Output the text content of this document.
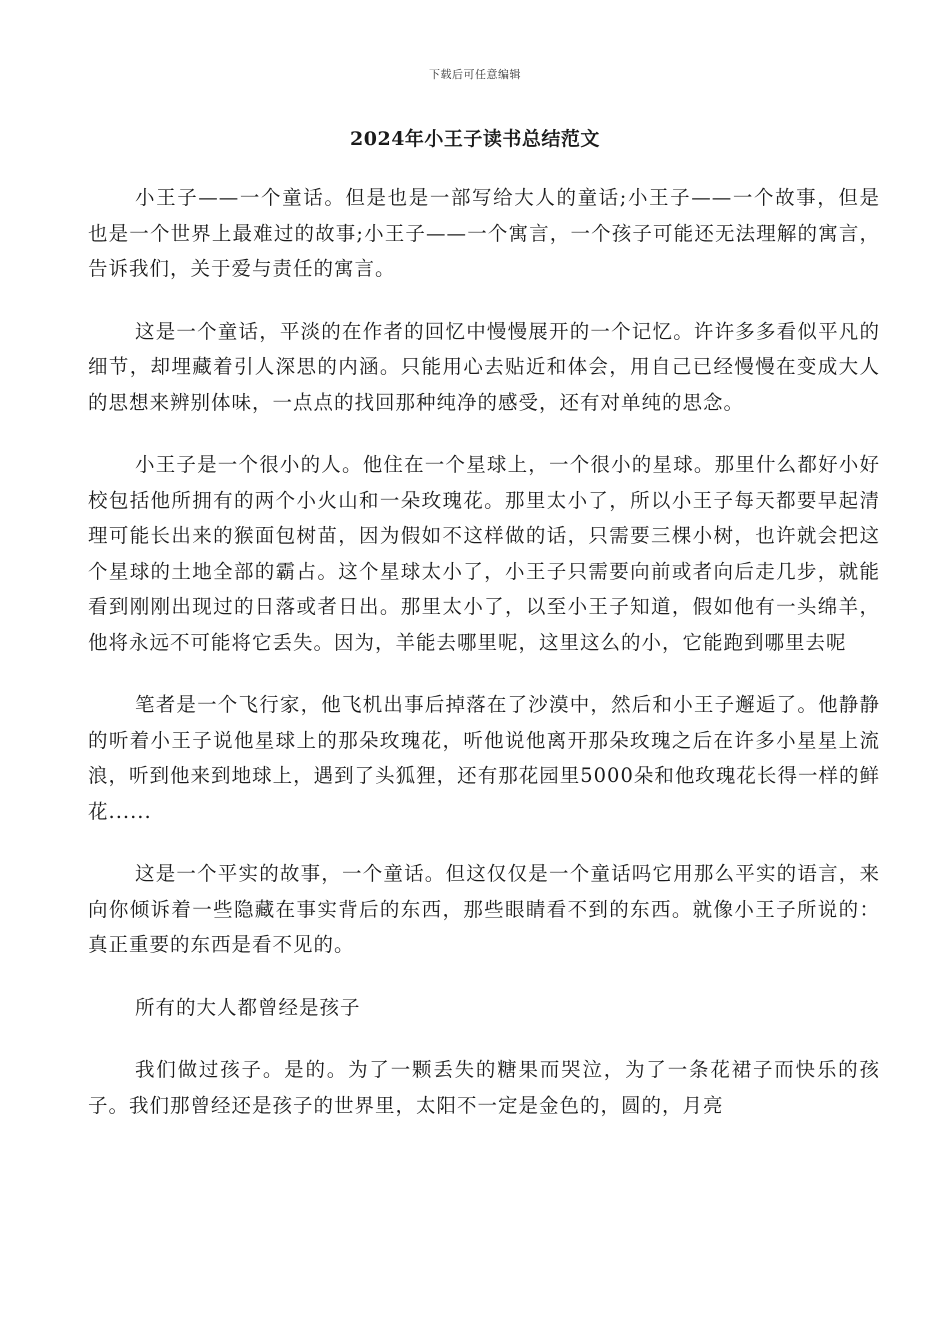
下载后可任意编辑
2024年小王子读书总结范文

小王子——一个童话。但是也是一部写给大人的童话;小王子——一个故事，但是也是一个世界上最难过的故事;小王子——一个寓言，一个孩子可能还无法理解的寓言，告诉我们，关于爱与责任的寓言。

这是一个童话，平淡的在作者的回忆中慢慢展开的一个记忆。许许多多看似平凡的细节，却埋藏着引人深思的内涵。只能用心去贴近和体会，用自己已经慢慢在变成大人的思想来辨别体味，一点点的找回那种纯净的感受，还有对单纯的思念。

小王子是一个很小的人。他住在一个星球上，一个很小的星球。那里什么都好小好校包括他所拥有的两个小火山和一朵玫瑰花。那里太小了，所以小王子每天都要早起清理可能长出来的猴面包树苗，因为假如不这样做的话，只需要三棵小树，也许就会把这个星球的土地全部的霸占。这个星球太小了，小王子只需要向前或者向后走几步，就能看到刚刚出现过的日落或者日出。那里太小了，以至小王子知道，假如他有一头绵羊，他将永远不可能将它丢失。因为，羊能去哪里呢，这里这么的小，它能跑到哪里去呢

笔者是一个飞行家，他飞机出事后掉落在了沙漠中，然后和小王子邂逅了。他静静的听着小王子说他星球上的那朵玫瑰花，听他说他离开那朵玫瑰之后在许多小星星上流浪，听到他来到地球上，遇到了头狐狸，还有那花园里5000朵和他玫瑰花长得一样的鲜花......

这是一个平实的故事，一个童话。但这仅仅是一个童话吗它用那么平实的语言，来向你倾诉着一些隐藏在事实背后的东西，那些眼睛看不到的东西。就像小王子所说的：真正重要的东西是看不见的。

所有的大人都曾经是孩子

我们做过孩子。是的。为了一颗丢失的糖果而哭泣，为了一条花裙子而快乐的孩子。我们那曾经还是孩子的世界里，太阳不一定是金色的，圆的，月亮
